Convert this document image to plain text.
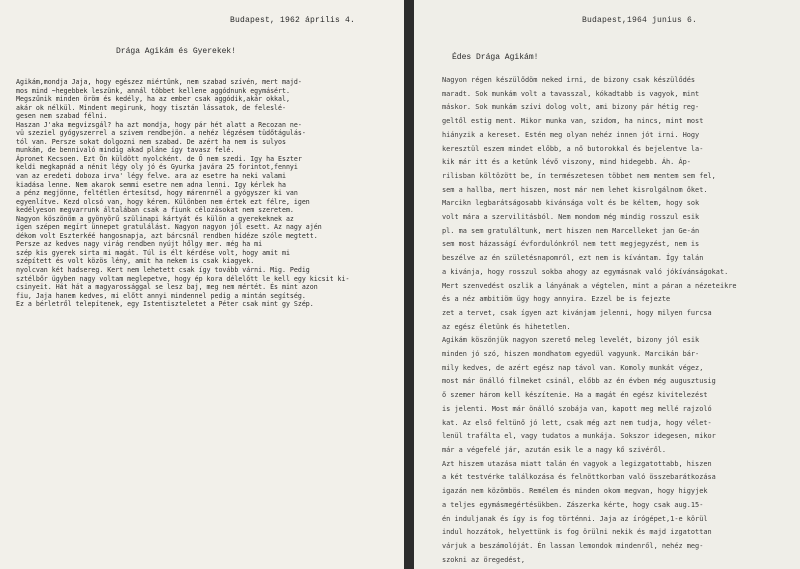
Budapest, 1962 április 4.
Drága Agikám és Gyerekek!
Agikám,mondja Jaja, hogy egészez miértünk, nem szabad szívén, mert majd-
mos mind ~hegebbek leszünk, annál többet kellene aggódnunk egymásért.
Megszűnik minden öröm és kedély, ha az ember csak aggódik,akár okkal,
akár ok nélkül. Mindent megirunk, hogy tisztán lássatok, de feleslé-
gesen nem szabad félni.
Haszan J'aka megvizsgál? ha azt mondja, hogy pár hét alatt a Recozan ne-
vü szeziel gyógyszerrel a szivem rendbejön. a nehéz légzésem tüdőtágulás-
tól van. Persze sokat dolgozni nem szabad. De azért ha nem is sulyos
munkám, de bennivaló mindig akad pláne így tavasz felé.
Ápronet Kecsoen. Ezt Ön küldött nyolcként. de Ő nem szedi. Igy ha Eszter
keldi megkapnád a nénit légy oly jó és Gyurka javára 25 forintot,fennyi
van az eredeti doboza irva' légy felve. ara az esetre ha neki valami
kiadása lenne. Nem akarok semmi esetre nem adna lenni. Igy kérlek ha
a pénz megjönne, feltétlen értesítsd, hogy márenrnél a gyógyszer ki van
egyenlítve. Kezd olcsó van, hogy kérem. Különben nem értek ezt félre, igen
kedélyeson megvarrunk általában csak a fiunk célozásokat nem szeretem.
Nagyon köszönöm a gyönyörű szülinapi kártyát és külön a gyerekeknek az
igen szépen megírt ünnepet gratulálást. Nagyon nagyon jól esett. Az nagy ajén
dékom volt Eszterkéé hangosnapja, azt bárcsnál rendben hídéze szóle megtett.
Persze az kedves nagy virág rendben nyújt hőlgy mer. még ha mi
szép kis gyerek sirta mi magát. Túl is élt kérdése volt, hogy amit mi
szépített és volt közös lény, amit ha nekem is csak kiagyek.
nyolcvan két hadsereg. Kert nem lehetett csak így tovább várni. Mig. Pedig
sztélbőr ügyben nagy voltam meglepetve, hogy ép kora délelőtt le kell egy kicsit ki-
csinyeit. Hát hát a magyarossággal se lesz baj, meg nem mértét. És mint azon
fiu, Jaja hanem kedves, mi előtt annyi mindennel pedig a mintán segítség.
Ez a bérletről telepítenek, egy Istentiszteletet a Péter csak mint gy Szép.

Budapest,1964 junius 6.
Édes Drága Agikám!
Nagyon régen készülődöm neked irni, de bizony csak készülődés
maradt. Sok munkám volt a tavasszal, kókadtabb is vagyok, mint
máskor. Sok munkám szívi dolog volt, ami bizony pár hétig reg-
geltől estig ment. Mikor munka van, szidom, ha nincs, mint most
hiányzik a kereset. Estén meg olyan nehéz innen jót irni. Hogy
keresztül eszem mindet előbb, a nő butorokkal és bejelentve la-
kik már itt és a ketünk lévő viszony, mind hidegebb. Áh. Áp-
rilisban költözött be, ín természetesen többet nem mentem sem fel,
sem a hallba, mert hiszen, most már nem lehet kisrolgálnom őket.
Marcikn legbarátságosabb kivánsága volt és be kéltem, hogy sok
volt mára a szervilitásból. Nem mondom még mindig rosszul esik
pl. ma sem gratuláltunk, mert hiszen nem Marcelleket jan Ge-án
sem most házasságí évfordulónkról nem tett megjegyzést, nem is
beszélve az én születésnapomról, ezt nem is kívántam. Így talán
a kivánja, hogy rosszul sokba ahogy az egymásnak való jókívánságokat.
Mert szenvedést oszlik a lányának a végtelen, mint a páran a nézeteikre
és a néz ambitiöm ügy hogy annyira. Ezzel be is fejezte
zet a tervet, csak ígyen azt kivánjam jelenni, hogy milyen furcsa
az egész életünk és hihetetlen.
Agikám köszönjük nagyon szerető meleg levelét, bizony jól esik
minden jó szó, hiszen mondhatom egyedül vagyunk. Marcikán bár-
mily kedves, de azért egész nap távol van. Komoly munkát végez,
most már önálló filmeket csinál, előbb az én évben még augusztusig
ő szemer három kell készítenie. Ha a magát én egész kivitelezést
is jelenti. Most már önálló szobája van, kapott meg mellé rajzoló
kat. Az első feltünő jó lett, csak még azt nem tudja, hogy vélet-
lenül trafálta el, vagy tudatos a munkája. Sokszor idegesen, mikor
már a végefelé jár, azután esik le a nagy kő szivéről.
Azt hiszem utazása miatt talán én vagyok a legizgatottabb, hiszen
a két testvérke találkozása és felnöttkorban való összebarátkozása
igazán nem közömbös. Remélem és minden okom megvan, hogy higyjek
a teljes egymásmegértésükben. Zászerka kérte, hogy csak aug.15-
én induljanak és így is fog történni. Jaja az írógépet,1-e körül
indul hozzátok, helyettünk is fog örülni nekik és majd izgatottan
várjuk a beszámolóját. Én lassan lemondok mindenről, nehéz meg-
szokni az öregedést,
